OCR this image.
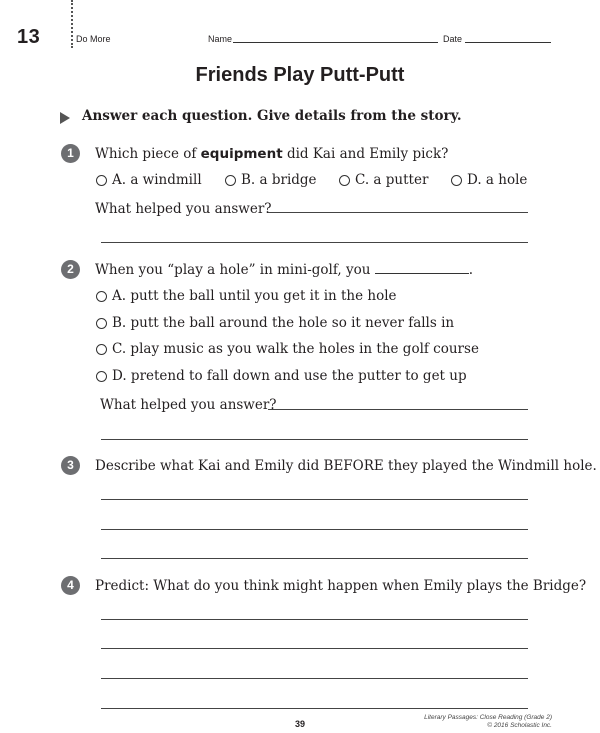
13	Do More	Name	Date
Friends Play Putt-Putt
Answer each question. Give details from the story.
1	Which piece of equipment did Kai and Emily pick?
A. a windmill	B. a bridge	C. a putter	D. a hole
What helped you answer?
2	When you “play a hole” in mini-golf, you	.
A. putt the ball until you get it in the hole
B. putt the ball around the hole so it never falls in
C. play music as you walk the holes in the golf course
D. pretend to fall down and use the putter to get up
What helped you answer?
3	Describe what Kai and Emily did BEFORE they played the Windmill hole.
4	Predict: What do you think might happen when Emily plays the Bridge?
39
Literary Passages: Close Reading (Grade 2)
© 2016 Scholastic Inc.
